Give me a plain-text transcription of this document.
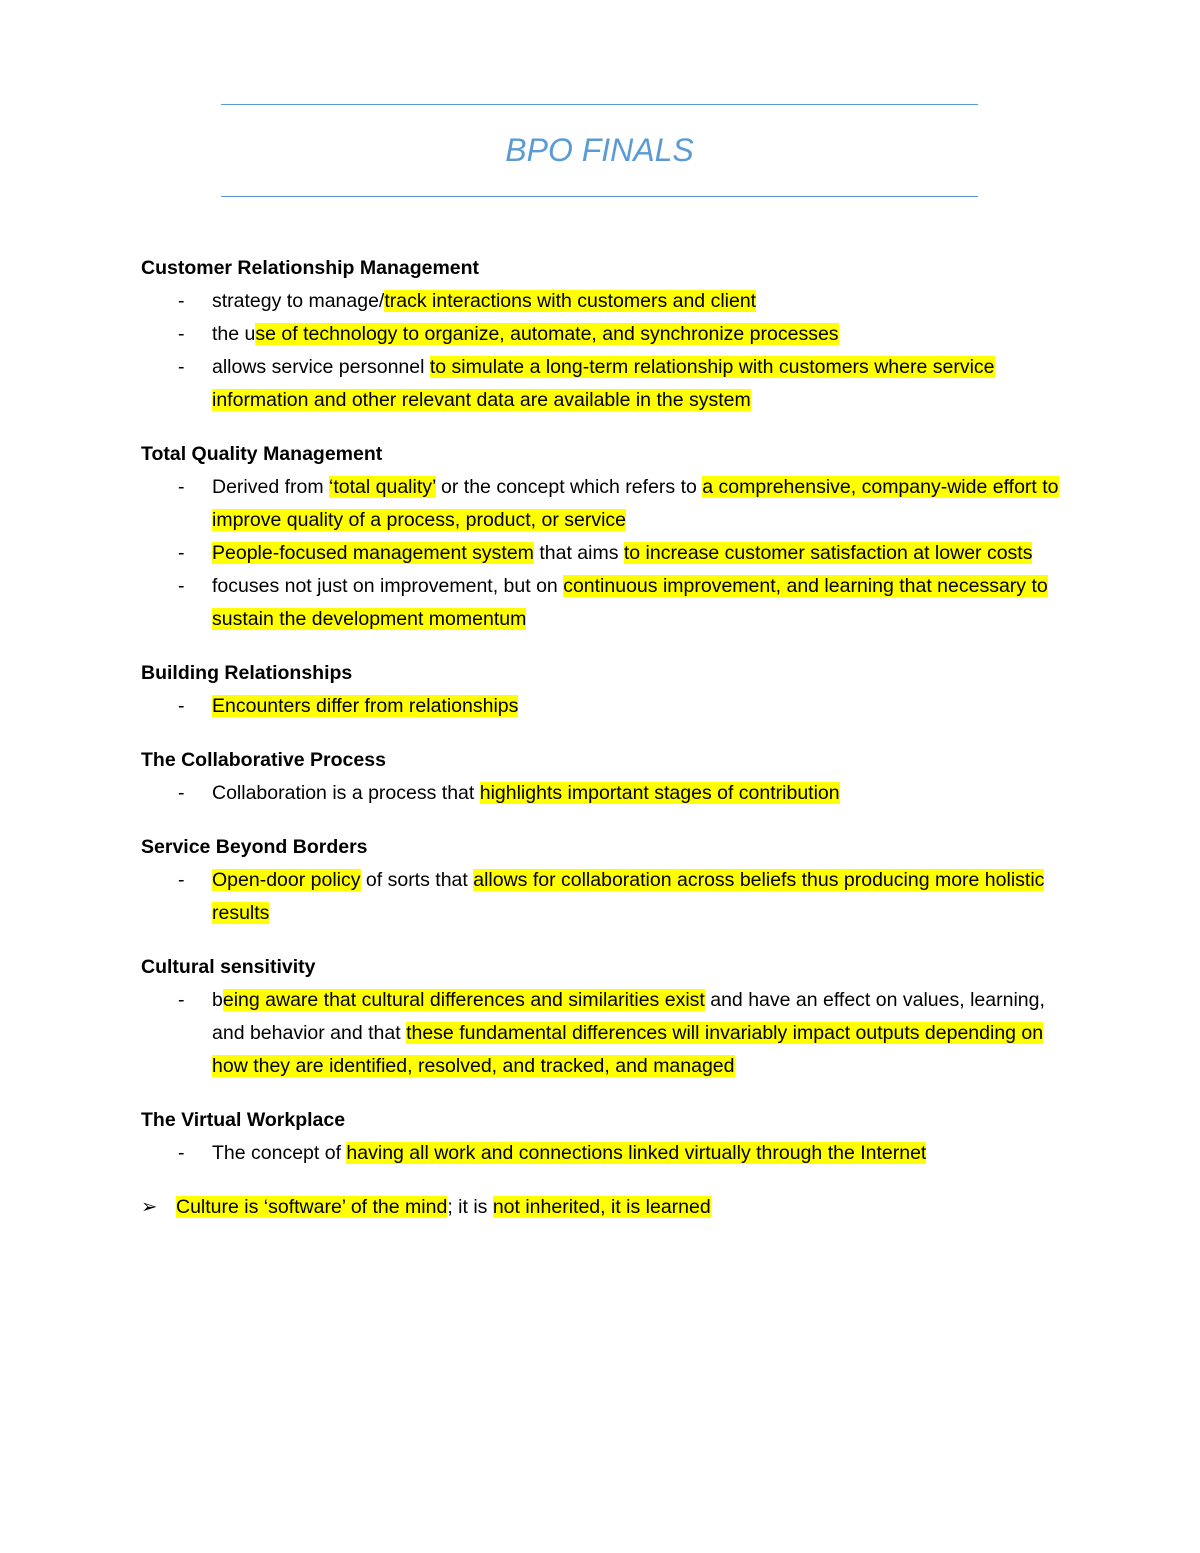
BPO FINALS
Customer Relationship Management
- strategy to manage/track interactions with customers and client
- the use of technology to organize, automate, and synchronize processes
- allows service personnel to simulate a long-term relationship with customers where service information and other relevant data are available in the system
Total Quality Management
- Derived from ‘total quality’ or the concept which refers to a comprehensive, company-wide effort to improve quality of a process, product, or service
- People-focused management system that aims to increase customer satisfaction at lower costs
- focuses not just on improvement, but on continuous improvement, and learning that necessary to sustain the development momentum
Building Relationships
- Encounters differ from relationships
The Collaborative Process
- Collaboration is a process that highlights important stages of contribution
Service Beyond Borders
- Open-door policy of sorts that allows for collaboration across beliefs thus producing more holistic results
Cultural sensitivity
- being aware that cultural differences and similarities exist and have an effect on values, learning, and behavior and that these fundamental differences will invariably impact outputs depending on how they are identified, resolved, and tracked, and managed
The Virtual Workplace
- The concept of having all work and connections linked virtually through the Internet
➢ Culture is ‘software’ of the mind; it is not inherited, it is learned
